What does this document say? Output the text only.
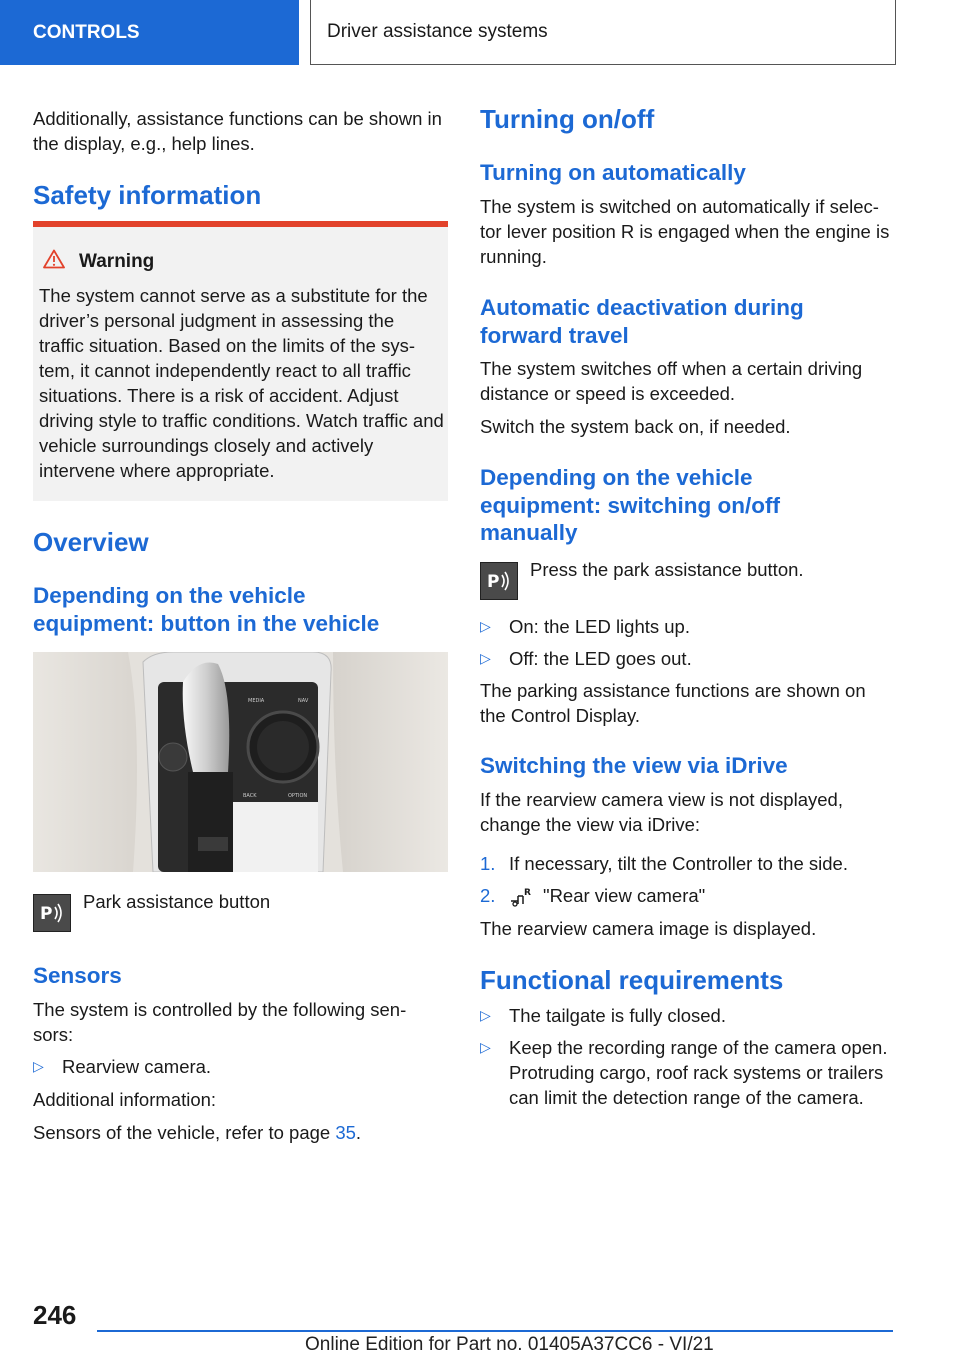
CONTROLS	Driver assistance systems

Additionally, assistance functions can be shown in the display, e.g., help lines.

Safety information
Warning
The system cannot serve as a substitute for the driver’s personal judgment in assessing the traffic situation. Based on the limits of the sys-tem, it cannot independently react to all traffic situations. There is a risk of accident. Adjust driving style to traffic conditions. Watch traffic and vehicle surroundings closely and actively intervene where appropriate.
Overview
Depending on the vehicle equipment: button in the vehicle
MEDIA	NAV
BACK	OPTION
P

Park assistance button

Sensors

The system is controlled by the following sen-sors:

▷ Rearview camera.

Additional information:

Sensors of the vehicle, refer to page 35.

Turning on/off
Turning on automatically

The system is switched on automatically if selec-tor lever position R is engaged when the engine is running.

Automatic deactivation during forward travel

The system switches off when a certain driving distance or speed is exceeded.

Switch the system back on, if needed.

Depending on the vehicle equipment: switching on/off manually
P

Press the park assistance button.

▷ On: the LED lights up.
▷ Off: the LED goes out.

The parking assistance functions are shown on the Control Display.

Switching the view via iDrive

If the rearview camera view is not displayed, change the view via iDrive:

1. If necessary, tilt the Controller to the side.
2.	R "Rear view camera"

The rearview camera image is displayed.

Functional requirements
▷ The tailgate is fully closed.
▷ Keep the recording range of the camera open. Protruding cargo, roof rack systems or trailers can limit the detection range of the camera.
246
Online Edition for Part no. 01405A37CC6 - VI/21
